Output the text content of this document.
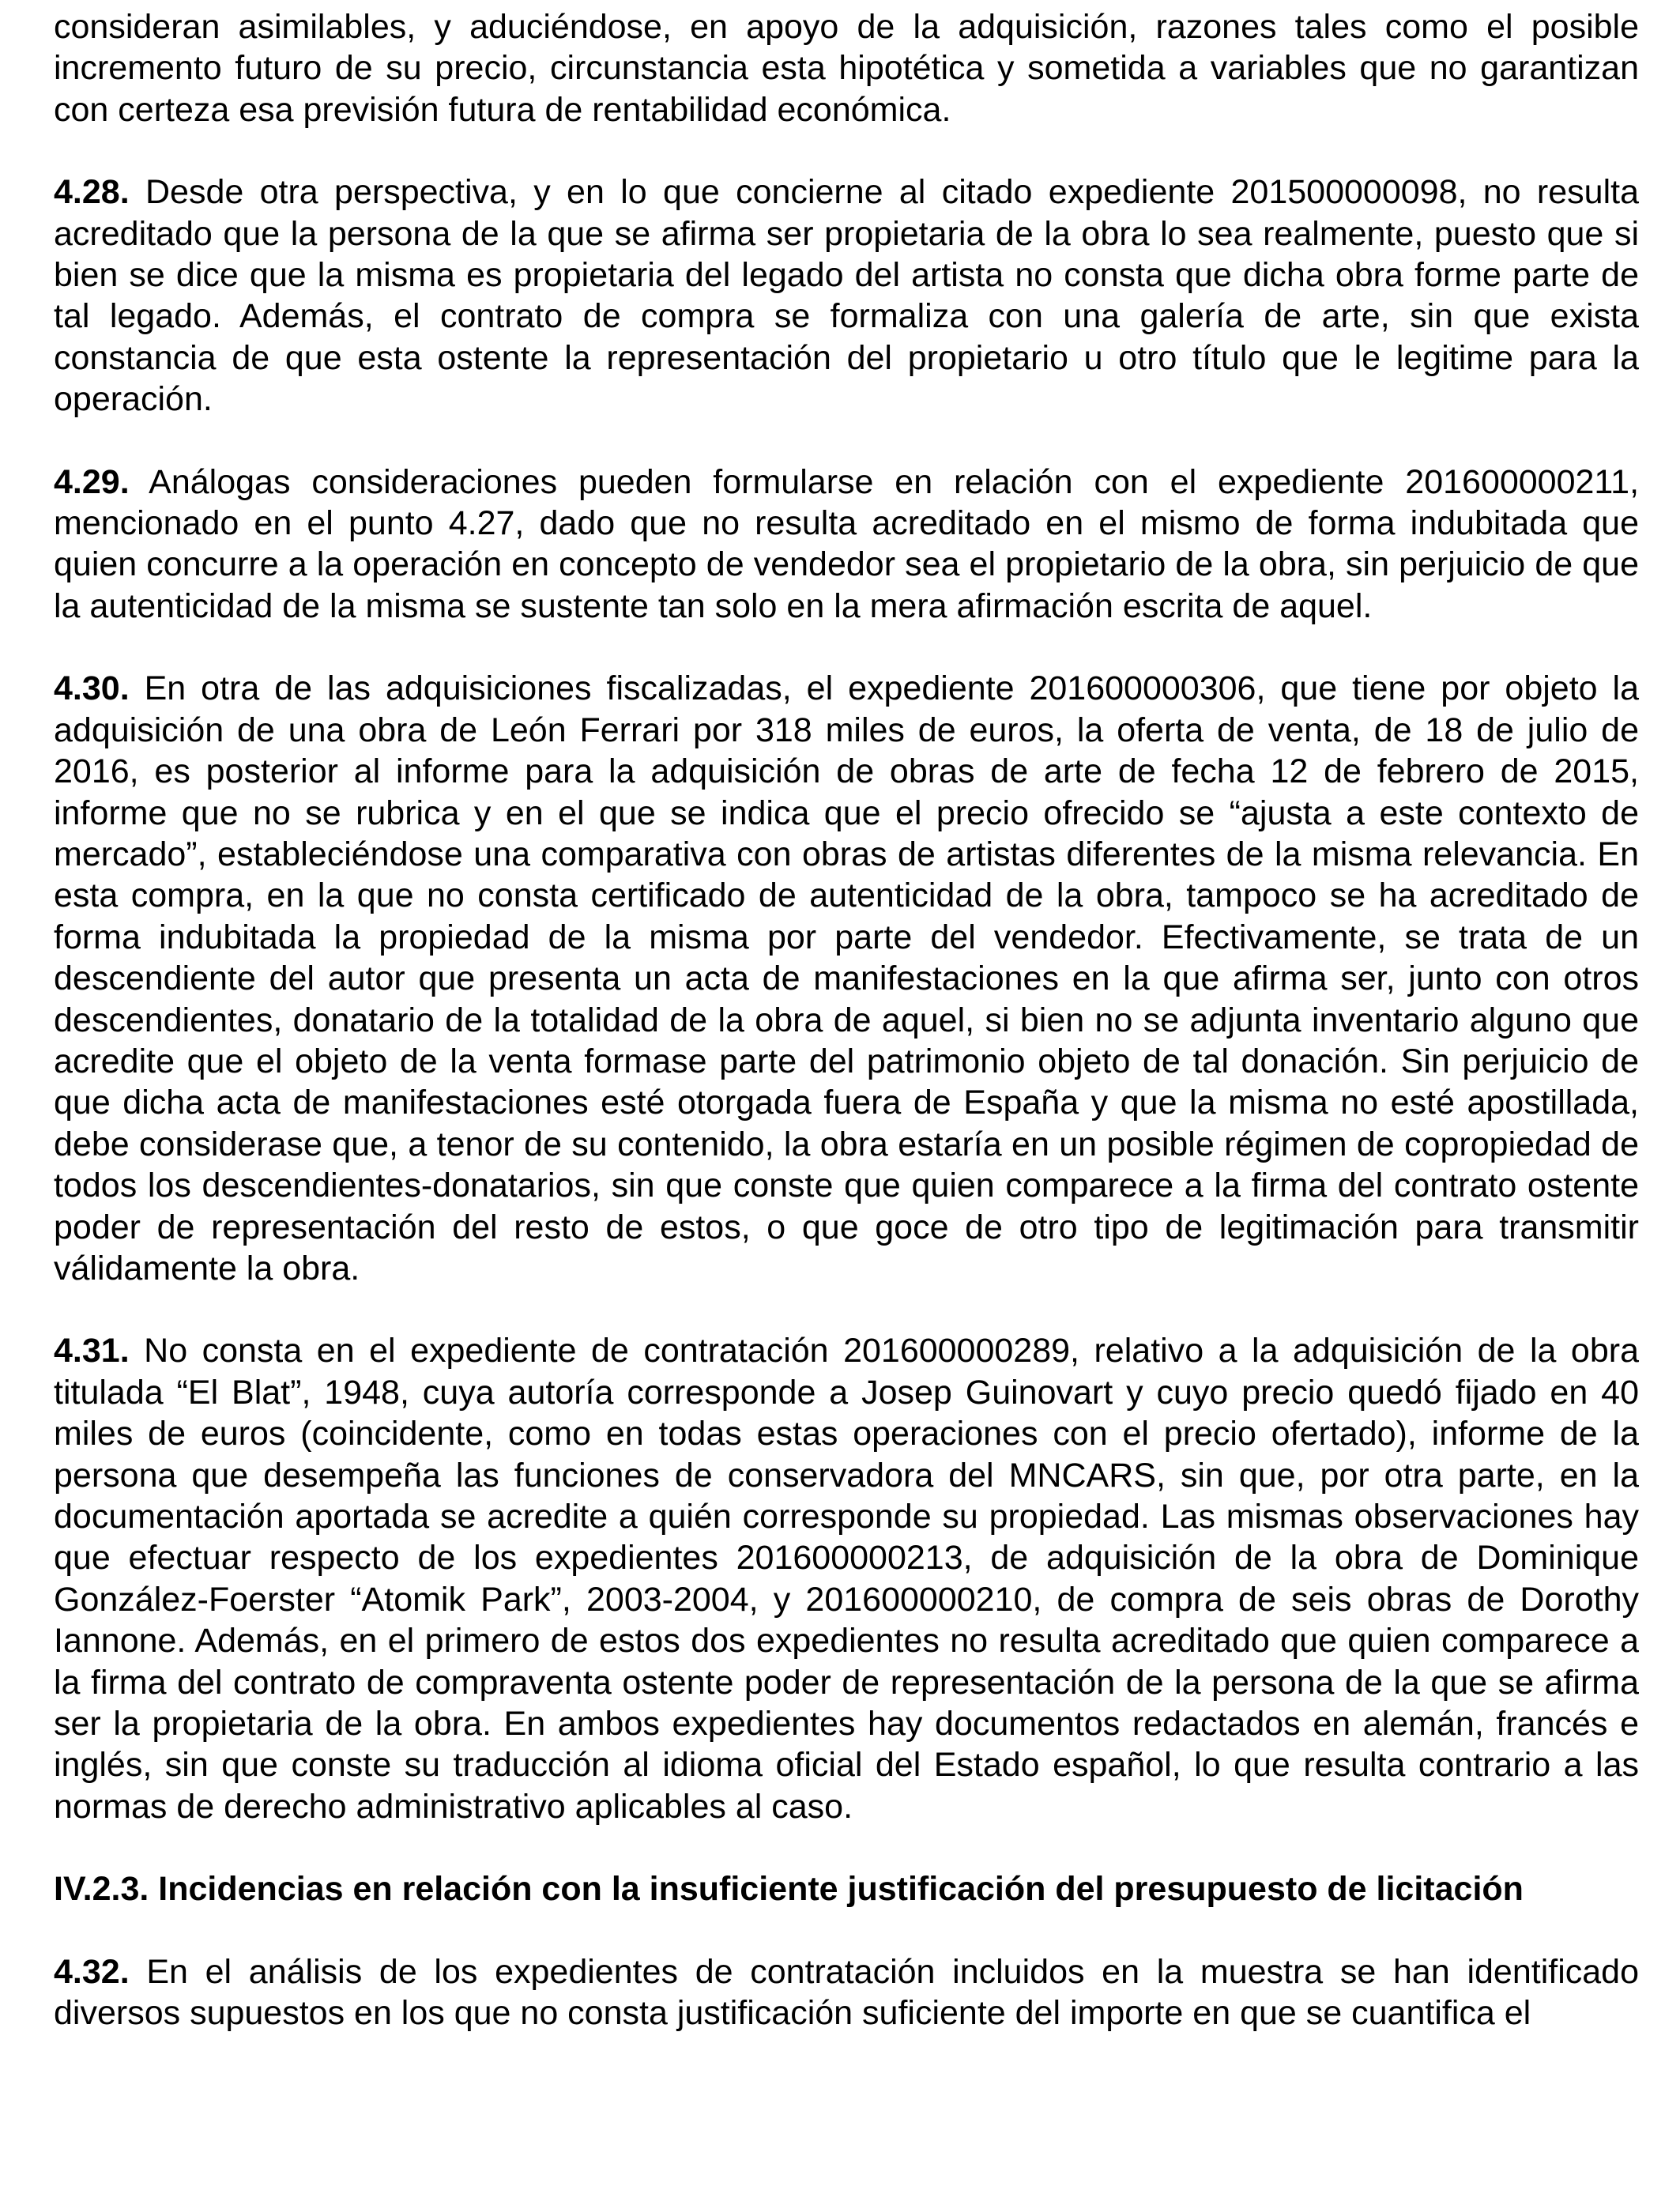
consideran asimilables, y aduciéndose, en apoyo de la adquisición, razones tales como el posible incremento futuro de su precio, circunstancia esta hipotética y sometida a variables que no garantizan con certeza esa previsión futura de rentabilidad económica.

4.28. Desde otra perspectiva, y en lo que concierne al citado expediente 201500000098, no resulta acreditado que la persona de la que se afirma ser propietaria de la obra lo sea realmente, puesto que si bien se dice que la misma es propietaria del legado del artista no consta que dicha obra forme parte de tal legado. Además, el contrato de compra se formaliza con una galería de arte, sin que exista constancia de que esta ostente la representación del propietario u otro título que le legitime para la operación.

4.29. Análogas consideraciones pueden formularse en relación con el expediente 201600000211, mencionado en el punto 4.27, dado que no resulta acreditado en el mismo de forma indubitada que quien concurre a la operación en concepto de vendedor sea el propietario de la obra, sin perjuicio de que la autenticidad de la misma se sustente tan solo en la mera afirmación escrita de aquel.

4.30. En otra de las adquisiciones fiscalizadas, el expediente 201600000306, que tiene por objeto la adquisición de una obra de León Ferrari por 318 miles de euros, la oferta de venta, de 18 de julio de 2016, es posterior al informe para la adquisición de obras de arte de fecha 12 de febrero de 2015, informe que no se rubrica y en el que se indica que el precio ofrecido se “ajusta a este contexto de mercado”, estableciéndose una comparativa con obras de artistas diferentes de la misma relevancia. En esta compra, en la que no consta certificado de autenticidad de la obra, tampoco se ha acreditado de forma indubitada la propiedad de la misma por parte del vendedor. Efectivamente, se trata de un descendiente del autor que presenta un acta de manifestaciones en la que afirma ser, junto con otros descendientes, donatario de la totalidad de la obra de aquel, si bien no se adjunta inventario alguno que acredite que el objeto de la venta formase parte del patrimonio objeto de tal donación. Sin perjuicio de que dicha acta de manifestaciones esté otorgada fuera de España y que la misma no esté apostillada, debe considerase que, a tenor de su contenido, la obra estaría en un posible régimen de copropiedad de todos los descendientes-donatarios, sin que conste que quien comparece a la firma del contrato ostente poder de representación del resto de estos, o que goce de otro tipo de legitimación para transmitir válidamente la obra.

4.31. No consta en el expediente de contratación 201600000289, relativo a la adquisición de la obra titulada “El Blat”, 1948, cuya autoría corresponde a Josep Guinovart y cuyo precio quedó fijado en 40 miles de euros (coincidente, como en todas estas operaciones con el precio ofertado), informe de la persona que desempeña las funciones de conservadora del MNCARS, sin que, por otra parte, en la documentación aportada se acredite a quién corresponde su propiedad. Las mismas observaciones hay que efectuar respecto de los expedientes 201600000213, de adquisición de la obra de Dominique González-Foerster “Atomik Park”, 2003-2004, y 201600000210, de compra de seis obras de Dorothy Iannone. Además, en el primero de estos dos expedientes no resulta acreditado que quien comparece a la firma del contrato de compraventa ostente poder de representación de la persona de la que se afirma ser la propietaria de la obra. En ambos expedientes hay documentos redactados en alemán, francés e inglés, sin que conste su traducción al idioma oficial del Estado español, lo que resulta contrario a las normas de derecho administrativo aplicables al caso.

IV.2.3. Incidencias en relación con la insuficiente justificación del presupuesto de licitación

4.32. En el análisis de los expedientes de contratación incluidos en la muestra se han identificado diversos supuestos en los que no consta justificación suficiente del importe en que se cuantifica el
